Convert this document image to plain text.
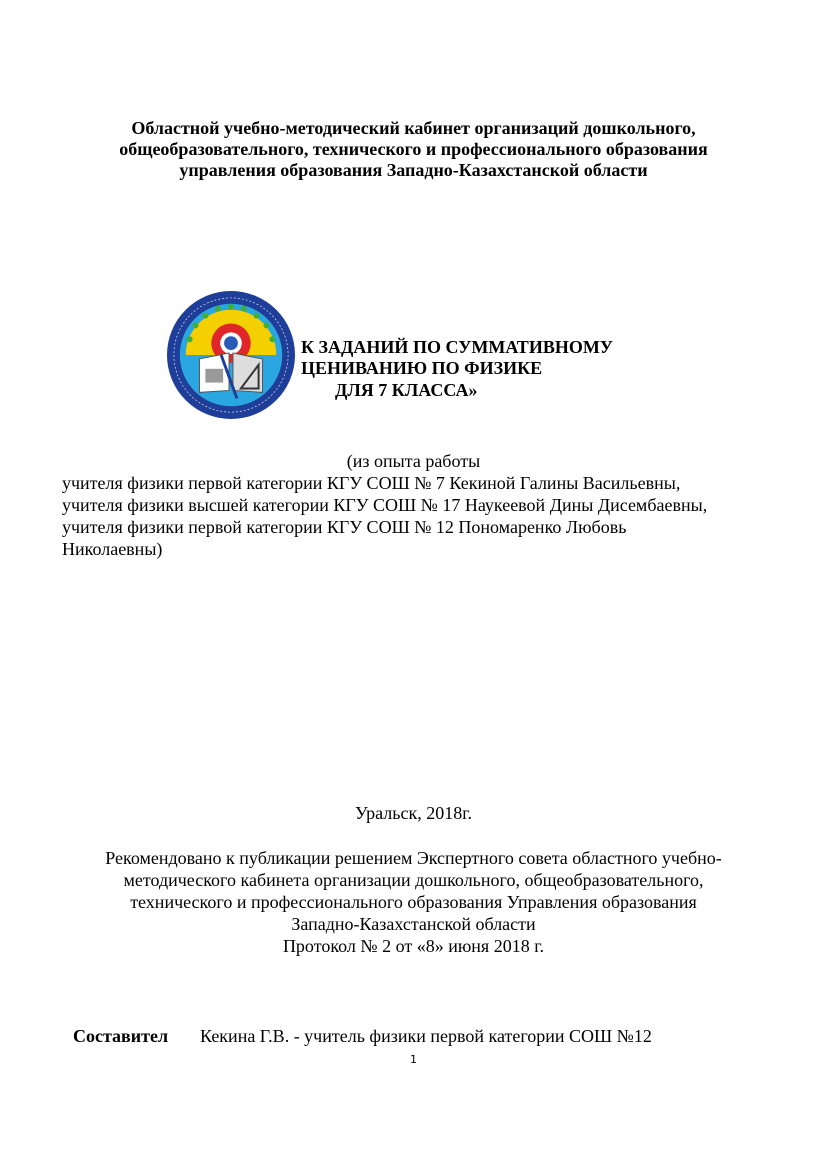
Областной учебно-методический кабинет организаций дошкольного,
общеобразовательного, технического и профессионального образования
управления образования Западно-Казахстанской области
К ЗАДАНИЙ ПО СУММАТИВНОМУ
ЦЕНИВАНИЮ ПО ФИЗИКЕ
ДЛЯ 7 КЛАССА»
(из опыта работы
учителя физики первой категории КГУ СОШ № 7 Кекиной Галины Васильевны,
учителя физики высшей категории КГУ СОШ № 17 Наукеевой Дины Дисембаевны,
учителя физики первой категории КГУ СОШ № 12 Пономаренко Любовь
Николаевны)
Уральск, 2018г.
Рекомендовано к публикации решением Экспертного совета областного учебно-
методического кабинета организации дошкольного, общеобразовательного,
технического и профессионального образования Управления образования
Западно-Казахстанской области
Протокол № 2 от «8» июня 2018 г.
Составител Кекина Г.В. - учитель физики первой категории СОШ №12
1
